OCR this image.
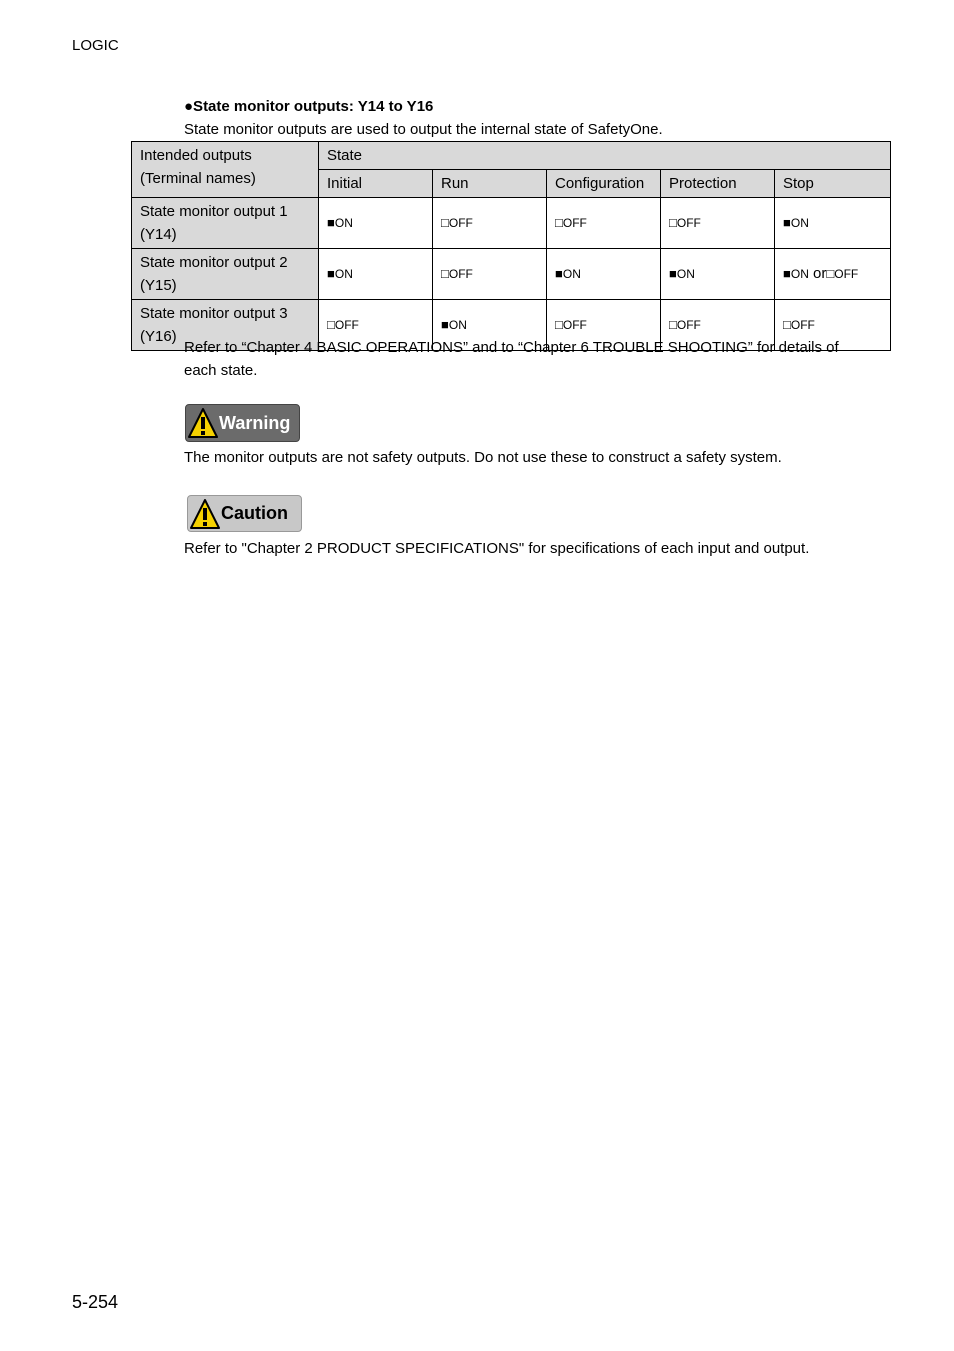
LOGIC
●State monitor outputs: Y14 to Y16
State monitor outputs are used to output the internal state of SafetyOne.
Intended outputs
(Terminal names)	State				
	Initial	Run	Configuration	Protection	Stop

State monitor output 1
(Y14)	■ON	□OFF	□OFF	□OFF	■ON

State monitor output 2
(Y15)	■ON	□OFF	■ON	■ON	■ON or□OFF

State monitor output 3
(Y16)	□OFF	■ON	□OFF	□OFF	□OFF
Refer to “Chapter 4 BASIC OPERATIONS” and to “Chapter 6 TROUBLE SHOOTING” for details of each state.
Warning
The monitor outputs are not safety outputs. Do not use these to construct a safety system.
Caution
Refer to "Chapter 2 PRODUCT SPECIFICATIONS" for specifications of each input and output.
5-254
